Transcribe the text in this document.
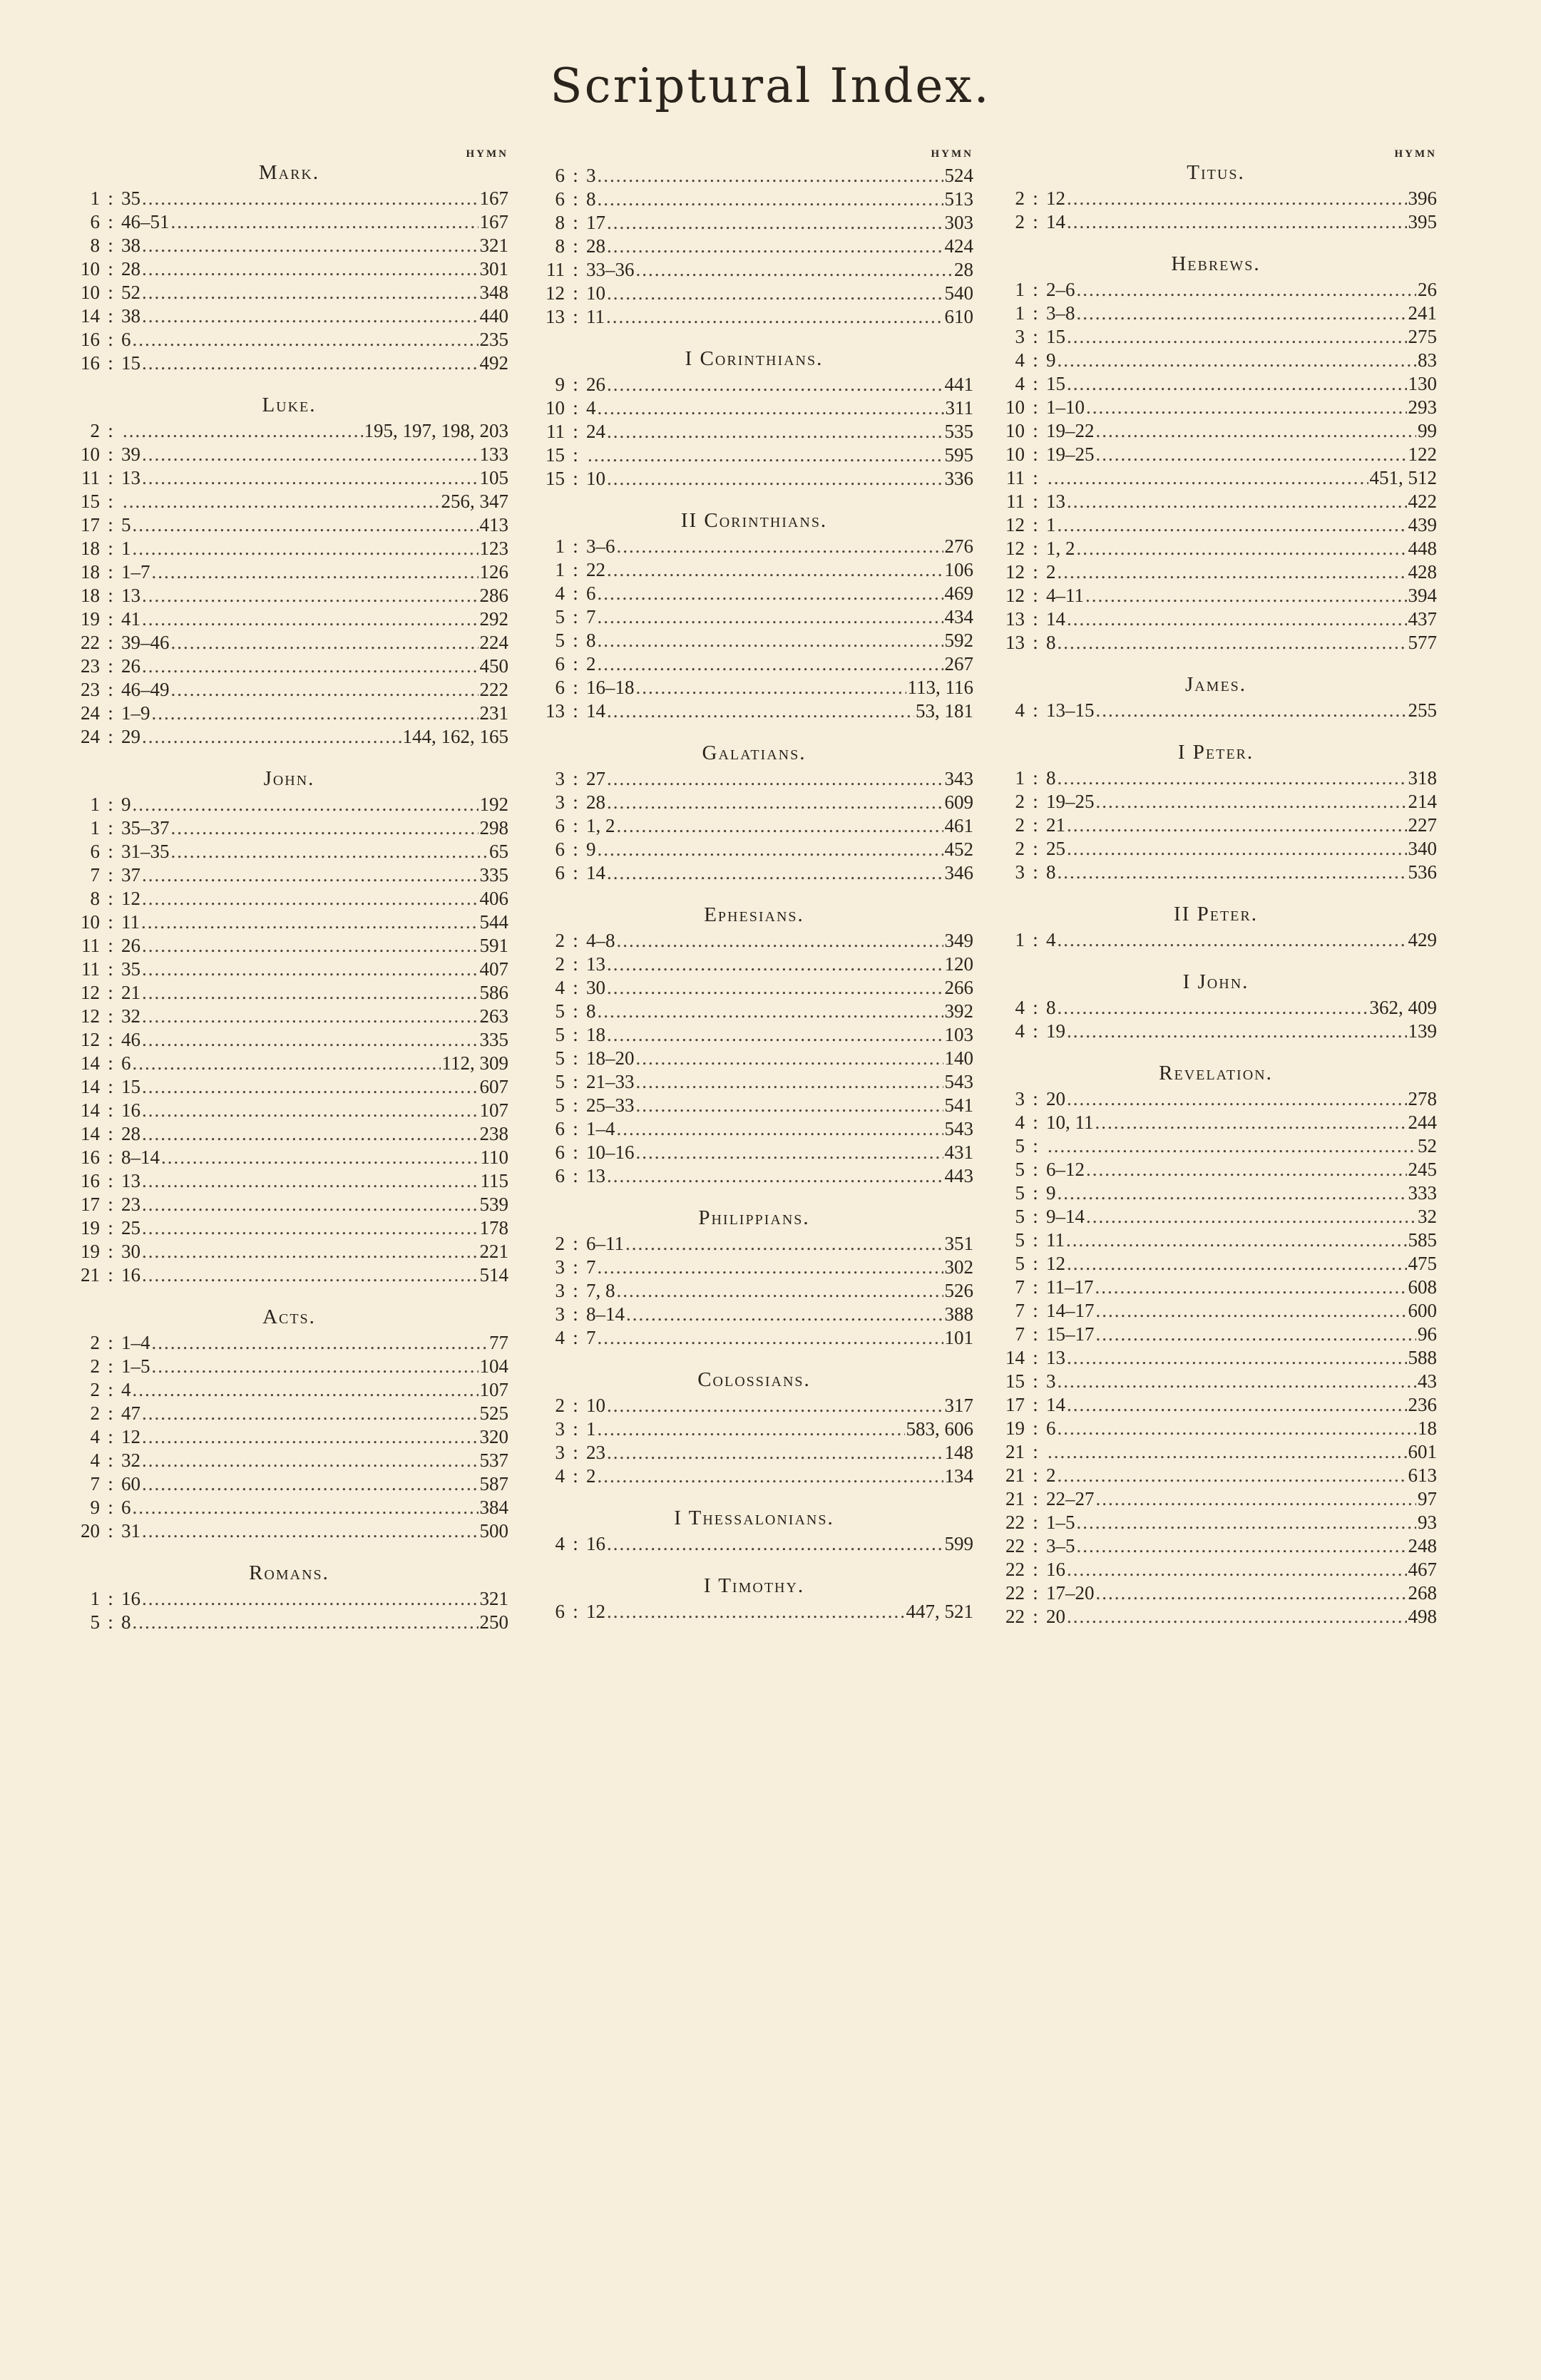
Scriptural Index.
HYMN
Mark.
1 : 35 .....	167
6 : 46–51 .....	167
8 : 38 .....	321
10 : 28 .....	301
10 : 52 .....	348
14 : 38 .....	440
16 : 6 .....	235
16 : 15 .....	492
Luke.
2 : .....	195, 197, 198, 203
10 : 39 .....	133
11 : 13 .....	105
15 : .....	256, 347
17 : 5 .....	413
18 : 1 .....	123
18 : 1–7 .....	126
18 : 13 .....	286
19 : 41 .....	292
22 : 39–46 .....	224
23 : 26 .....	450
23 : 46–49 .....	222
24 : 1–9 .....	231
24 : 29 .....	144, 162, 165
John.
1 : 9 .....	192
1 : 35–37 .....	298
6 : 31–35 .....	65
7 : 37 .....	335
8 : 12 .....	406
10 : 11 .....	544
11 : 26 .....	591
11 : 35 .....	407
12 : 21 .....	586
12 : 32 .....	263
12 : 46 .....	335
14 : 6 .....	112, 309
14 : 15 .....	607
14 : 16 .....	107
14 : 28 .....	238
16 : 8–14 .....	110
16 : 13 .....	115
17 : 23 .....	539
19 : 25 .....	178
19 : 30 .....	221
21 : 16 .....	514
Acts.
2 : 1–4 .....	77
2 : 1–5 .....	104
2 : 4 .....	107
2 : 47 .....	525
4 : 12 .....	320
4 : 32 .....	537
7 : 60 .....	587
9 : 6 .....	384
20 : 31 .....	500
Romans.
1 : 16 .....	321
5 : 8 .....	250
HYMN
6 : 3 .....	524
6 : 8 .....	513
8 : 17 .....	303
8 : 28 .....	424
11 : 33–36 .....	28
12 : 10 .....	540
13 : 11 .....	610
I Corinthians.
9 : 26 .....	441
10 : 4 .....	311
11 : 24 .....	535
15 : .....	595
15 : 10 .....	336
II Corinthians.
1 : 3–6 .....	276
1 : 22 .....	106
4 : 6 .....	469
5 : 7 .....	434
5 : 8 .....	592
6 : 2 .....	267
6 : 16–18 .....	113, 116
13 : 14 .....	53, 181
Galatians.
3 : 27 .....	343
3 : 28 .....	609
6 : 1, 2 .....	461
6 : 9 .....	452
6 : 14 .....	346
Ephesians.
2 : 4–8 .....	349
2 : 13 .....	120
4 : 30 .....	266
5 : 8 .....	392
5 : 18 .....	103
5 : 18–20 .....	140
5 : 21–33 .....	543
5 : 25–33 .....	541
6 : 1–4 .....	543
6 : 10–16 .....	431
6 : 13 .....	443
Philippians.
2 : 6–11 .....	351
3 : 7 .....	302
3 : 7, 8 .....	526
3 : 8–14 .....	388
4 : 7 .....	101
Colossians.
2 : 10 .....	317
3 : 1 .....	583, 606
3 : 23 .....	148
4 : 2 .....	134
I Thessalonians.
4 : 16 .....	599
I Timothy.
6 : 12 .....	447, 521
HYMN
Titus.
2 : 12 .....	396
2 : 14 .....	395
Hebrews.
1 : 2–6 .....	26
1 : 3–8 .....	241
3 : 15 .....	275
4 : 9 .....	83
4 : 15 .....	130
10 : 1–10 .....	293
10 : 19–22 .....	99
10 : 19–25 .....	122
11 : .....	451, 512
11 : 13 .....	422
12 : 1 .....	439
12 : 1, 2 .....	448
12 : 2 .....	428
12 : 4–11 .....	394
13 : 14 .....	437
13 : 8 .....	577
James.
4 : 13–15 .....	255
I Peter.
1 : 8 .....	318
2 : 19–25 .....	214
2 : 21 .....	227
2 : 25 .....	340
3 : 8 .....	536
II Peter.
1 : 4 .....	429
I John.
4 : 8 .....	362, 409
4 : 19 .....	139
Revelation.
3 : 20 .....	278
4 : 10, 11 .....	244
5 : .....	52
5 : 6–12 .....	245
5 : 9 .....	333
5 : 9–14 .....	32
5 : 11 .....	585
5 : 12 .....	475
7 : 11–17 .....	608
7 : 14–17 .....	600
7 : 15–17 .....	96
14 : 13 .....	588
15 : 3 .....	43
17 : 14 .....	236
19 : 6 .....	18
21 : .....	601
21 : 2 .....	613
21 : 22–27 .....	97
22 : 1–5 .....	93
22 : 3–5 .....	248
22 : 16 .....	467
22 : 17–20 .....	268
22 : 20 .....	498
